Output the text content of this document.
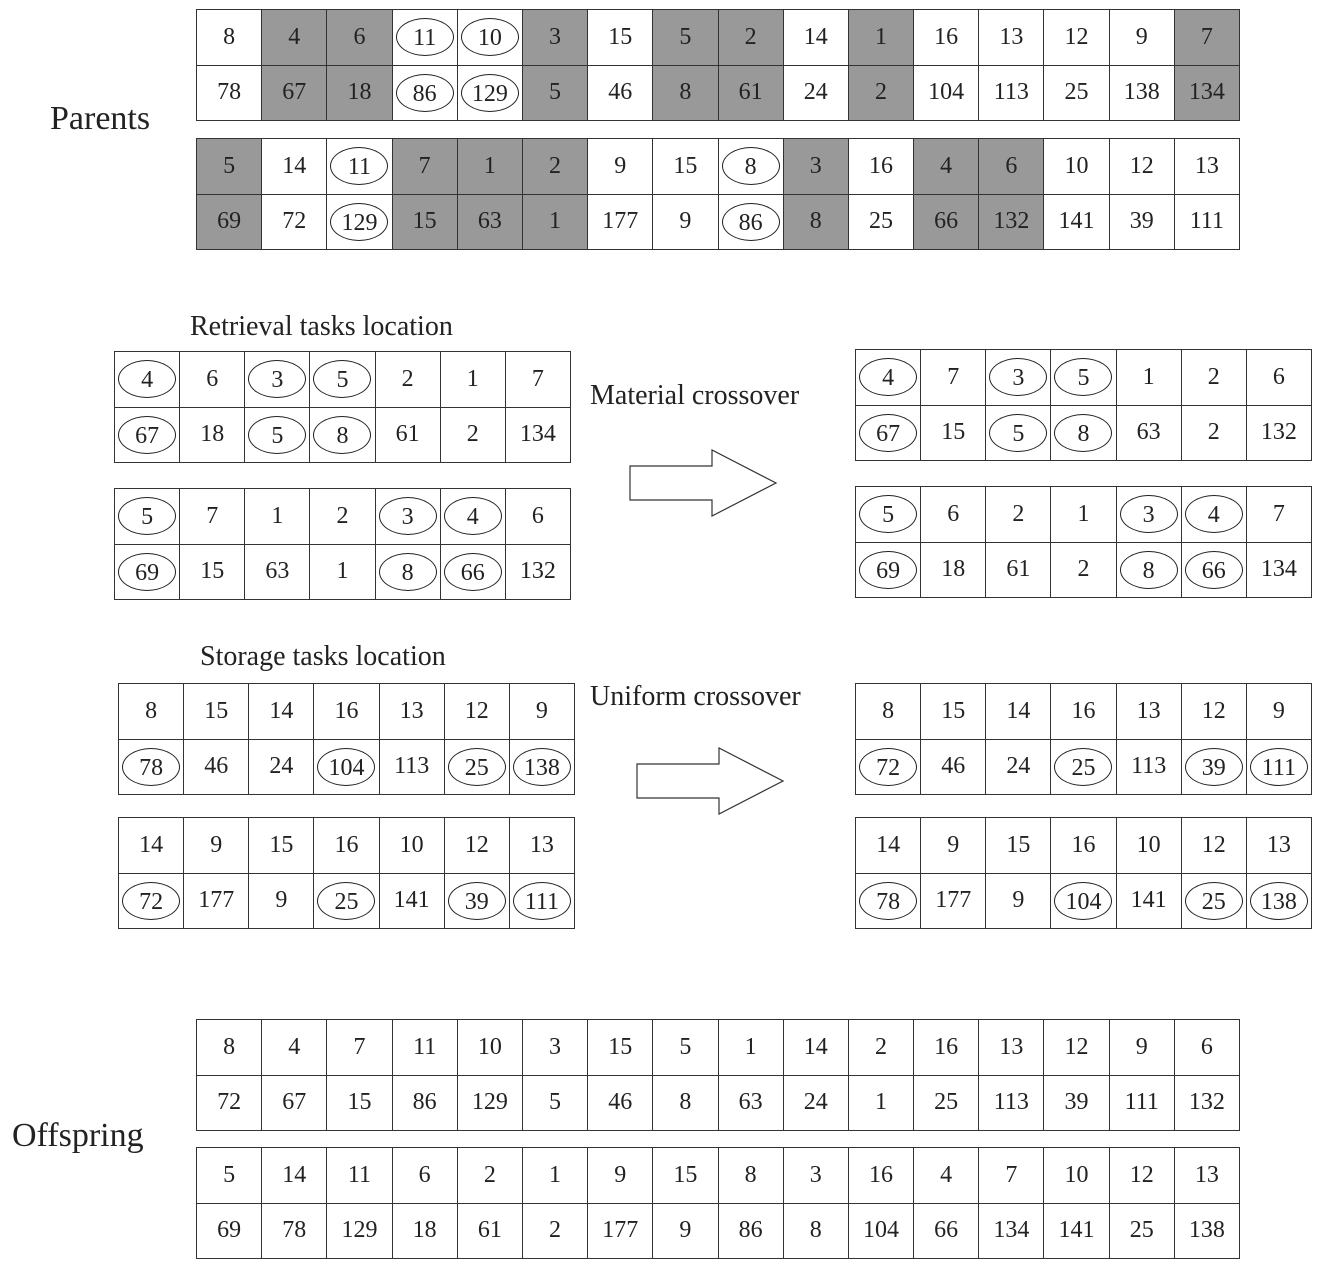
Parents
Offspring
Retrieval tasks location
Storage tasks location
Material crossover
Uniform crossover
8	4	6	11	10	3	15	5	2	14	1	16	13	12	9	7
78	67	18	86	129	5	46	8	61	24	2	104	113	25	138	134
5	14	11	7	1	2	9	15	8	3	16	4	6	10	12	13
69	72	129	15	63	1	177	9	86	8	25	66	132	141	39	111
4	6	3	5	2	1	7
67	18	5	8	61	2	134
5	7	1	2	3	4	6
69	15	63	1	8	66	132
4	7	3	5	1	2	6
67	15	5	8	63	2	132
5	6	2	1	3	4	7
69	18	61	2	8	66	134
8	15	14	16	13	12	9
78	46	24	104	113	25	138
14	9	15	16	10	12	13
72	177	9	25	141	39	111
8	15	14	16	13	12	9
72	46	24	25	113	39	111
14	9	15	16	10	12	13
78	177	9	104	141	25	138
8	4	7	11	10	3	15	5	1	14	2	16	13	12	9	6
72	67	15	86	129	5	46	8	63	24	1	25	113	39	111	132
5	14	11	6	2	1	9	15	8	3	16	4	7	10	12	13
69	78	129	18	61	2	177	9	86	8	104	66	134	141	25	138
